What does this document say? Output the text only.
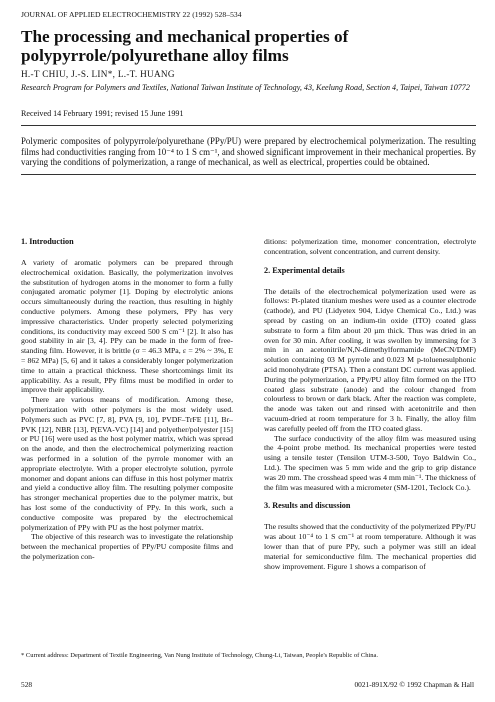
JOURNAL OF APPLIED ELECTROCHEMISTRY 22 (1992) 528–534
The processing and mechanical properties of polypyrrole/polyurethane alloy films
H.-T CHIU, J.-S. LIN*, L.-T. HUANG
Research Program for Polymers and Textiles, National Taiwan Institute of Technology, 43, Keelung Road, Section 4, Taipei, Taiwan 10772
Received 14 February 1991; revised 15 June 1991

Polymeric composites of polypyrrole/polyurethane (PPy/PU) were prepared by electrochemical polymerization. The resulting films had conductivities ranging from 10⁻⁴ to 1 S cm⁻¹, and showed significant improvement in their mechanical properties. By varying the conditions of polymerization, a range of mechanical, as well as electrical, properties could be obtained.

1. Introduction

A variety of aromatic polymers can be prepared through electrochemical oxidation. Basically, the polymerization involves the substitution of hydrogen atoms in the monomer to form a fully conjugated aromatic polymer [1]. Doping by electrolytic anions occurs simultaneously during the reaction, thus resulting in highly conductive polymers. Among these polymers, PPy has very impressive characteristics. Under properly selected polymerizing conditions, its conductivity may exceed 500 S cm⁻¹ [2]. It also has good stability in air [3, 4]. PPy can be made in the form of free-standing film. However, it is brittle (σ = 46.3 MPa, ε = 2% ~ 3%, E = 862 MPa) [5, 6] and it takes a considerably longer polymerization time to attain a practical thickness. These shortcomings limit its applicability. As a result, PPy films must be modified in order to improve their applicability.

There are various means of modification. Among these, polymerization with other polymers is the most widely used. Polymers such as PVC [7, 8], PVA [9, 10], PVDF–TrFE [11], Br–PVK [12], NBR [13], P(EVA-VC) [14] and polyether/polyester [15] or PU [16] were used as the host polymer matrix, which was spread on the anode, and then the electrochemical polymerizing reaction was performed in a solution of the pyrrole monomer with an appropriate electrolyte. With a proper electrolyte solution, pyrrole monomer and dopant anions can diffuse in this host polymer matrix and yield a conductive alloy film. The resulting polymer composite has stronger mechanical properties due to the polymer matrix, but has lost some of the conductivity of PPy. In this work, such a conductive composite was prepared by the electrochemical polymerization of PPy with PU as the host polymer matrix.

The objective of this research was to investigate the relationship between the mechanical properties of PPy/PU composite films and the polymerization con-

ditions: polymerization time, monomer concentration, electrolyte concentration, solvent concentration, and current density.

2. Experimental details

The details of the electrochemical polymerization used were as follows: Pt-plated titanium meshes were used as a counter electrode (cathode), and PU (Lidyetex 904, Lidye Chemical Co., Ltd.) was spread by casting on an indium-tin oxide (ITO) coated glass substrate to form a film about 20 µm thick. Thus was dried in an oven for 30 min. After cooling, it was swollen by immersing for 3 min in an acetonitrile/N,N-dimethylformamide (MeCN/DMF) solution containing 03 M pyrrole and 0.023 M p-toluenesulphonic acid monohydrate (PTSA). Then a constant DC current was applied. During the polymerization, a PPy/PU alloy film formed on the ITO coated glass substrate (anode) and the colour changed from colourless to brown or dark black. After the reaction was complete, the anode was taken out and rinsed with acetonitrile and then vacuum-dried at room temperature for 3 h. Finally, the alloy film was carefully peeled off from the ITO coated glass.

The surface conductivity of the alloy film was measured using the 4-point probe method. Its mechanical properties were tested using a tensile tester (Tensilon UTM-3-500, Toyo Baldwin Co., Ltd.). The specimen was 5 mm wide and the grip to grip distance was 20 mm. The crosshead speed was 4 mm min⁻¹. The thickness of the film was measured with a micrometer (SM-1201, Teclock Co.).

3. Results and discussion

The results showed that the conductivity of the polymerized PPy/PU was about 10⁻⁴ to 1 S cm⁻¹ at room temperature. Although it was lower than that of pure PPy, such a polymer was still an ideal material for semiconductive film. The mechanical properties did show improvement. Figure 1 shows a comparison of

* Current address: Department of Textile Engineering, Van Nung Institute of Technology, Chung-Li, Taiwan, People's Republic of China.
528	0021-891X/92 © 1992 Chapman & Hall
